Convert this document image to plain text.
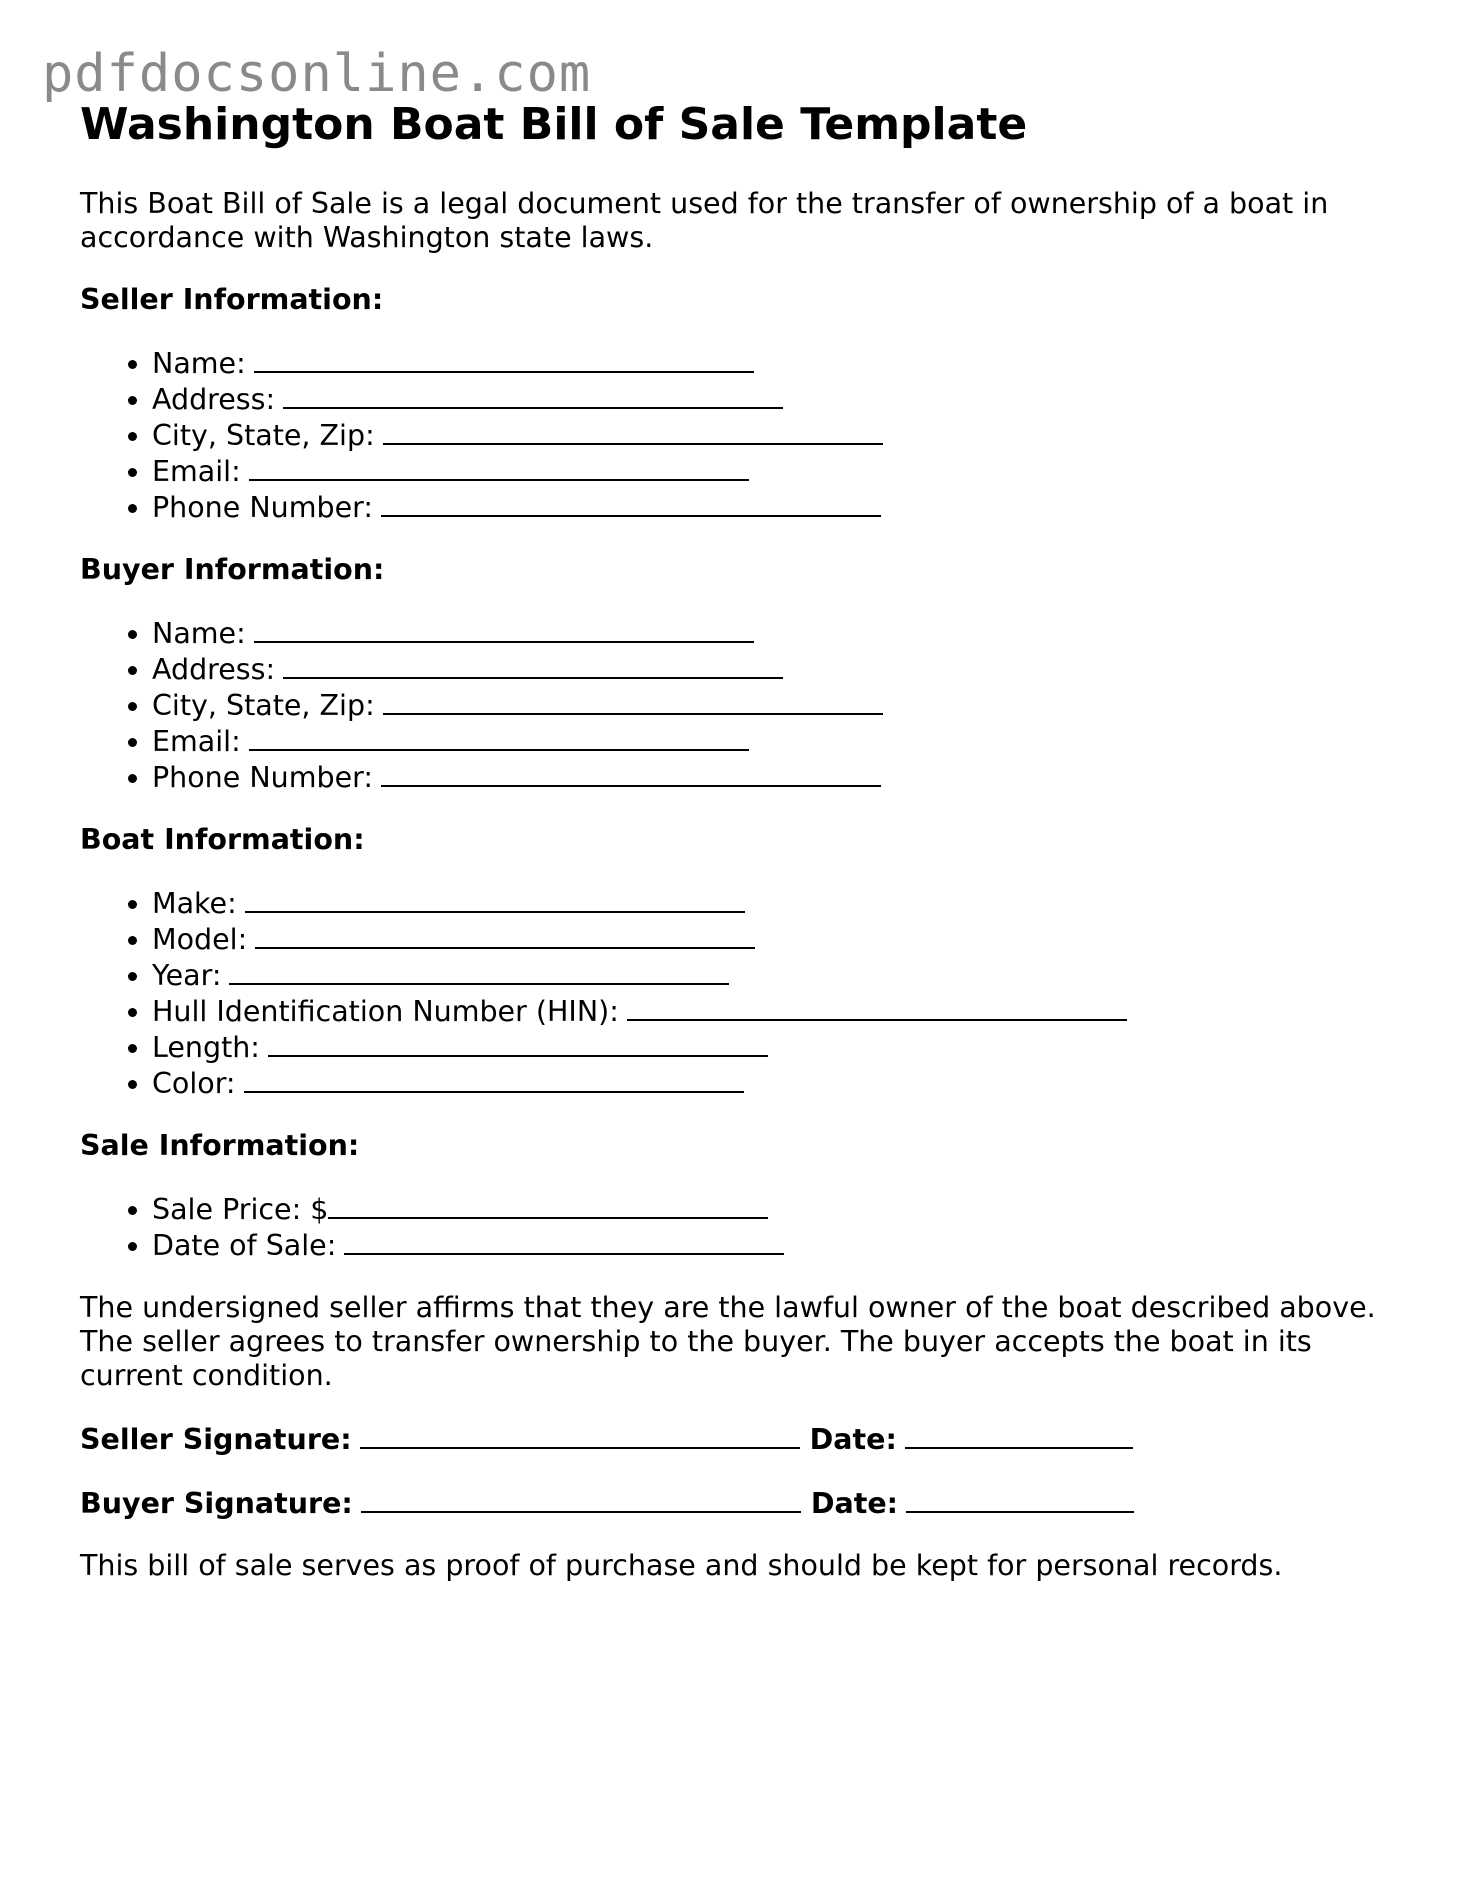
pdfdocsonline.com
Washington Boat Bill of Sale Template

This Boat Bill of Sale is a legal document used for the transfer of ownership of a boat in accordance with Washington state laws.

Seller Information:
• Name:
• Address:
• City, State, Zip:
• Email:
• Phone Number:
Buyer Information:
• Name:
• Address:
• City, State, Zip:
• Email:
• Phone Number:
Boat Information:
• Make:
• Model:
• Year:
• Hull Identification Number (HIN):
• Length:
• Color:
Sale Information:
• Sale Price: $
• Date of Sale:

The undersigned seller affirms that they are the lawful owner of the boat described above. The seller agrees to transfer ownership to the buyer. The buyer accepts the boat in its current condition.

Seller Signature:	Date:
Buyer Signature:	Date:

This bill of sale serves as proof of purchase and should be kept for personal records.
